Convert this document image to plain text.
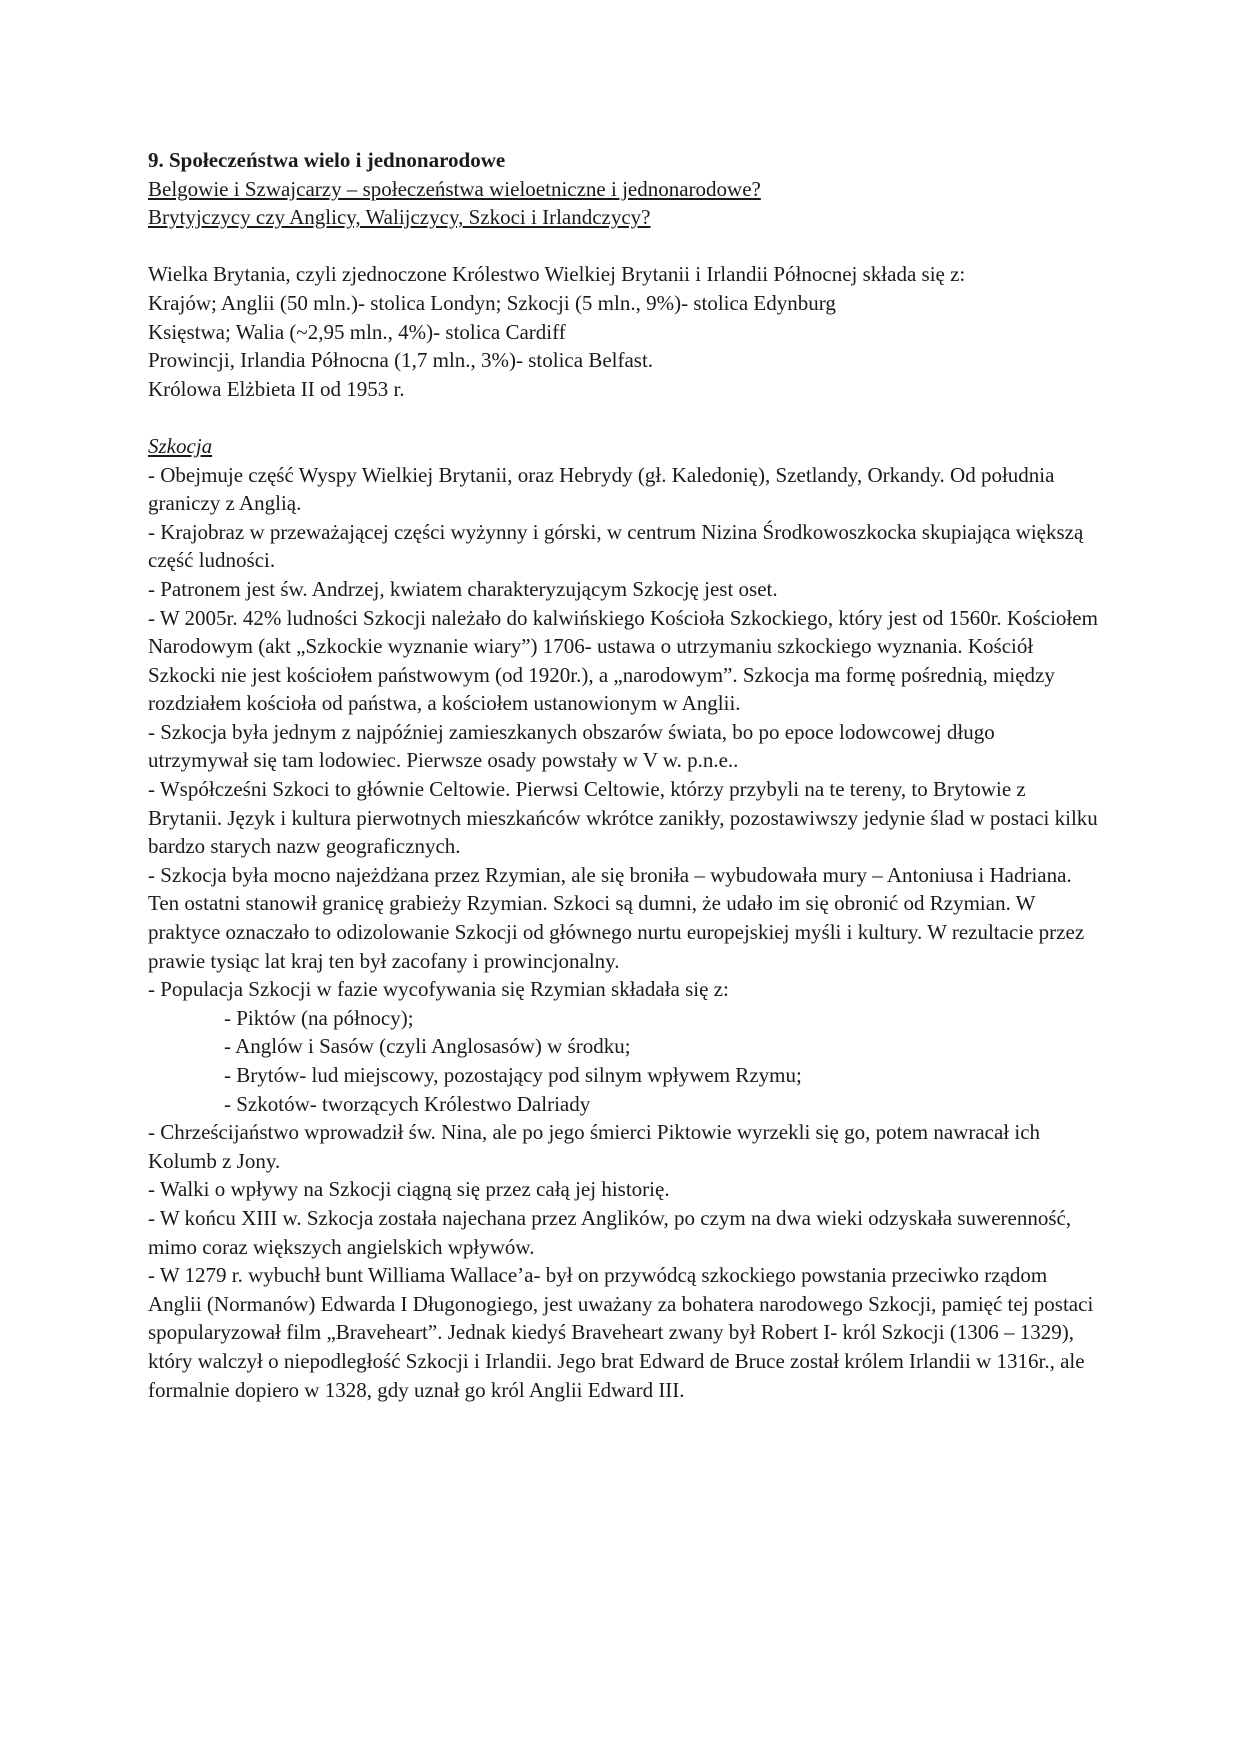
9. Społeczeństwa wielo i jednonarodowe

Belgowie i Szwajcarzy – społeczeństwa wieloetniczne i jednonarodowe?

Brytyjczycy czy Anglicy, Walijczycy, Szkoci i Irlandczycy?

Wielka Brytania, czyli zjednoczone Królestwo Wielkiej Brytanii i Irlandii Północnej składa się z:

Krajów; Anglii (50 mln.)- stolica Londyn; Szkocji (5 mln., 9%)- stolica Edynburg

Księstwa; Walia (~2,95 mln., 4%)- stolica Cardiff

Prowincji, Irlandia Północna (1,7 mln., 3%)- stolica Belfast.

Królowa Elżbieta II od 1953 r.

Szkocja

- Obejmuje część Wyspy Wielkiej Brytanii, oraz Hebrydy (gł. Kaledonię), Szetlandy, Orkandy. Od południa graniczy z Anglią.

- Krajobraz w przeważającej części wyżynny i górski, w centrum Nizina Środkowoszkocka skupiająca większą część ludności.

- Patronem jest św. Andrzej, kwiatem charakteryzującym Szkocję jest oset.

- W 2005r. 42% ludności Szkocji należało do kalwińskiego Kościoła Szkockiego, który jest od 1560r. Kościołem Narodowym (akt „Szkockie wyznanie wiary”) 1706- ustawa o utrzymaniu szkockiego wyznania. Kościół Szkocki nie jest kościołem państwowym (od 1920r.), a „narodowym”. Szkocja ma formę pośrednią, między rozdziałem kościoła od państwa, a kościołem ustanowionym w Anglii.

- Szkocja była jednym z najpóźniej zamieszkanych obszarów świata, bo po epoce lodowcowej długo utrzymywał się tam lodowiec. Pierwsze osady powstały w V w. p.n.e..

- Współcześni Szkoci to głównie Celtowie. Pierwsi Celtowie, którzy przybyli na te tereny, to Brytowie z Brytanii. Język i kultura pierwotnych mieszkańców wkrótce zanikły, pozostawiwszy jedynie ślad w postaci kilku bardzo starych nazw geograficznych.

- Szkocja była mocno najeżdżana przez Rzymian, ale się broniła – wybudowała mury – Antoniusa i Hadriana. Ten ostatni stanowił granicę grabieży Rzymian. Szkoci są dumni, że udało im się obronić od Rzymian. W praktyce oznaczało to odizolowanie Szkocji od głównego nurtu europejskiej myśli i kultury. W rezultacie przez prawie tysiąc lat kraj ten był zacofany i prowincjonalny.

- Populacja Szkocji w fazie wycofywania się Rzymian składała się z:

- Piktów (na północy);

- Anglów i Sasów (czyli Anglosasów) w środku;

- Brytów- lud miejscowy, pozostający pod silnym wpływem Rzymu;

- Szkotów- tworzących Królestwo Dalriady

- Chrześcijaństwo wprowadził św. Nina, ale po jego śmierci Piktowie wyrzekli się go, potem nawracał ich Kolumb z Jony.

- Walki o wpływy na Szkocji ciągną się przez całą jej historię.

- W końcu XIII w. Szkocja została najechana przez Anglików, po czym na dwa wieki odzyskała suwerenność, mimo coraz większych angielskich wpływów.

- W 1279 r. wybuchł bunt Williama Wallace’a- był on przywódcą szkockiego powstania przeciwko rządom Anglii (Normanów) Edwarda I Długonogiego, jest uważany za bohatera narodowego Szkocji, pamięć tej postaci spopularyzował film „Braveheart”. Jednak kiedyś Braveheart zwany był Robert I- król Szkocji (1306 – 1329), który walczył o niepodległość Szkocji i Irlandii. Jego brat Edward de Bruce został królem Irlandii w 1316r., ale formalnie dopiero w 1328, gdy uznał go król Anglii Edward III.
